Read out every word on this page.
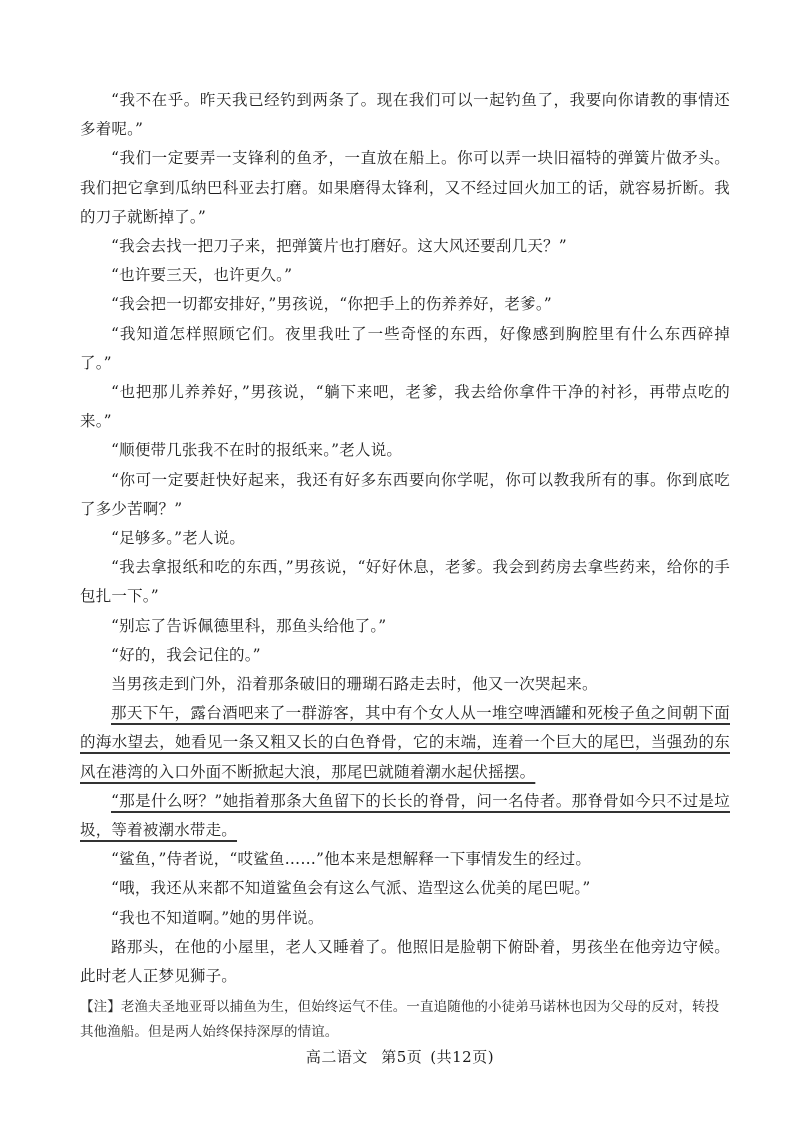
“我不在乎。昨天我已经钓到两条了。现在我们可以一起钓鱼了，我要向你请教的事情还多着呢。”

“我们一定要弄一支锋利的鱼矛，一直放在船上。你可以弄一块旧福特的弹簧片做矛头。我们把它拿到瓜纳巴科亚去打磨。如果磨得太锋利，又不经过回火加工的话，就容易折断。我的刀子就断掉了。”

“我会去找一把刀子来，把弹簧片也打磨好。这大风还要刮几天？”

“也许要三天，也许更久。”

“我会把一切都安排好，”男孩说，“你把手上的伤养养好，老爹。”

“我知道怎样照顾它们。夜里我吐了一些奇怪的东西，好像感到胸腔里有什么东西碎掉了。”

“也把那儿养养好，”男孩说，“躺下来吧，老爹，我去给你拿件干净的衬衫，再带点吃的来。”

“顺便带几张我不在时的报纸来。”老人说。

“你可一定要赶快好起来，我还有好多东西要向你学呢，你可以教我所有的事。你到底吃了多少苦啊？”

“足够多。”老人说。

“我去拿报纸和吃的东西，”男孩说，“好好休息，老爹。我会到药房去拿些药来，给你的手包扎一下。”

“别忘了告诉佩德里科，那鱼头给他了。”

“好的，我会记住的。”

当男孩走到门外，沿着那条破旧的珊瑚石路走去时，他又一次哭起来。

那天下午，露台酒吧来了一群游客，其中有个女人从一堆空啤酒罐和死梭子鱼之间朝下面的海水望去，她看见一条又粗又长的白色脊骨，它的末端，连着一个巨大的尾巴，当强劲的东风在港湾的入口外面不断掀起大浪，那尾巴就随着潮水起伏摇摆。

“那是什么呀？”她指着那条大鱼留下的长长的脊骨，问一名侍者。那脊骨如今只不过是垃圾，等着被潮水带走。

“鲨鱼，”侍者说，“哎鲨鱼……”他本来是想解释一下事情发生的经过。

“哦，我还从来都不知道鲨鱼会有这么气派、造型这么优美的尾巴呢。”

“我也不知道啊。”她的男伴说。

路那头，在他的小屋里，老人又睡着了。他照旧是脸朝下俯卧着，男孩坐在他旁边守候。此时老人正梦见狮子。

【注】老渔夫圣地亚哥以捕鱼为生，但始终运气不佳。一直追随他的小徒弟马诺林也因为父母的反对，转投其他渔船。但是两人始终保持深厚的情谊。

高二语文 第5页 (共12页)
